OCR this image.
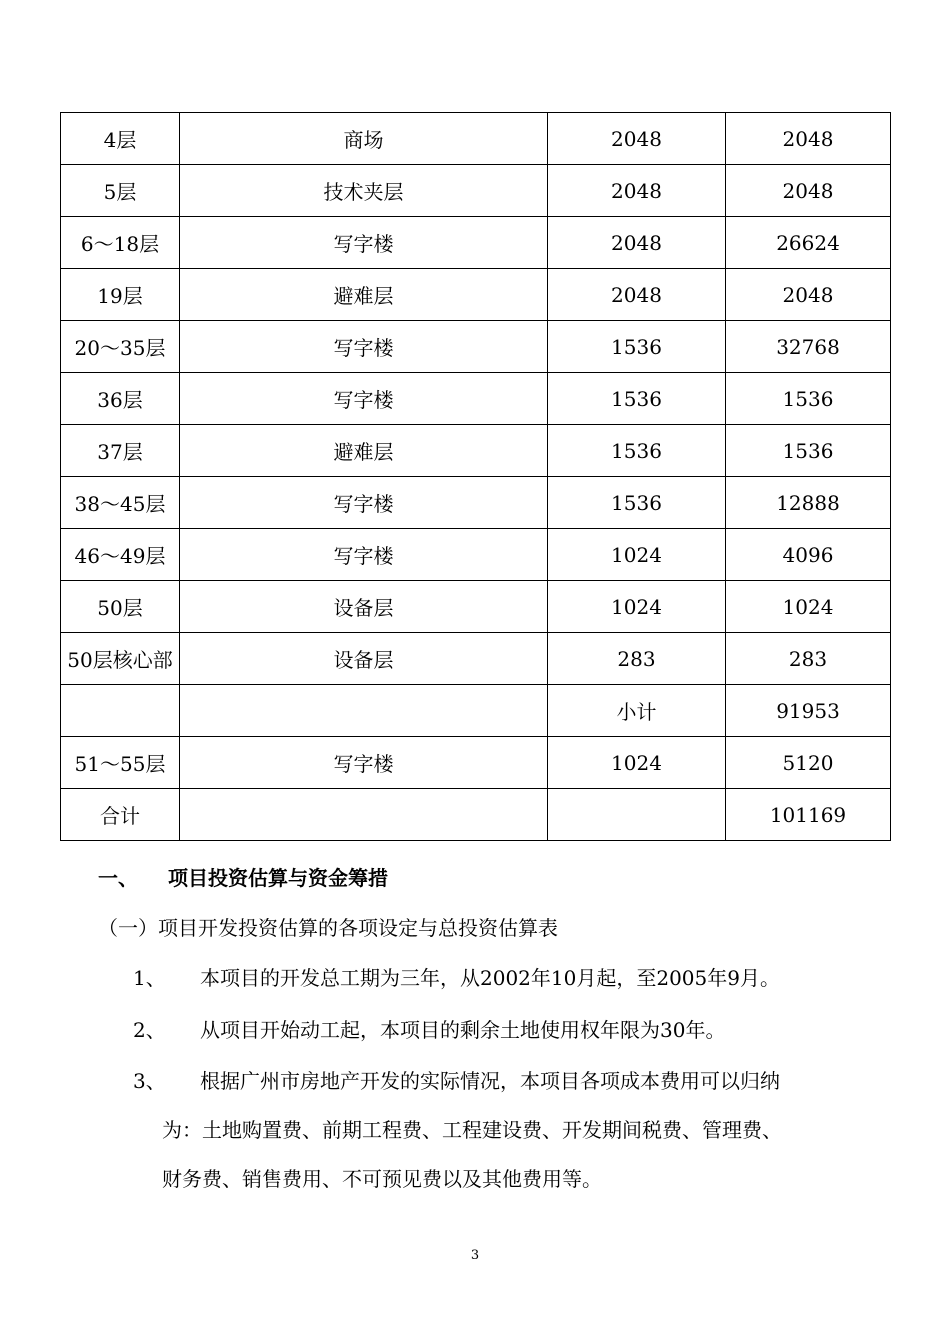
4层	商场	2048	2048
5层	技术夹层	2048	2048
6～18层	写字楼	2048	26624
19层	避难层	2048	2048
20～35层	写字楼	1536	32768
36层	写字楼	1536	1536
37层	避难层	1536	1536
38～45层	写字楼	1536	12888
46～49层	写字楼	1024	4096
50层	设备层	1024	1024
50层核心部	设备层	283	283
		小计	91953
51～55层	写字楼	1024	5120
合计			101169
一、 项目投资估算与资金筹措
（一）项目开发投资估算的各项设定与总投资估算表
1、 本项目的开发总工期为三年，从2002年10月起，至2005年9月。
2、 从项目开始动工起，本项目的剩余土地使用权年限为30年。
3、 根据广州市房地产开发的实际情况，本项目各项成本费用可以归纳
为：土地购置费、前期工程费、工程建设费、开发期间税费、管理费、
财务费、销售费用、不可预见费以及其他费用等。
3
